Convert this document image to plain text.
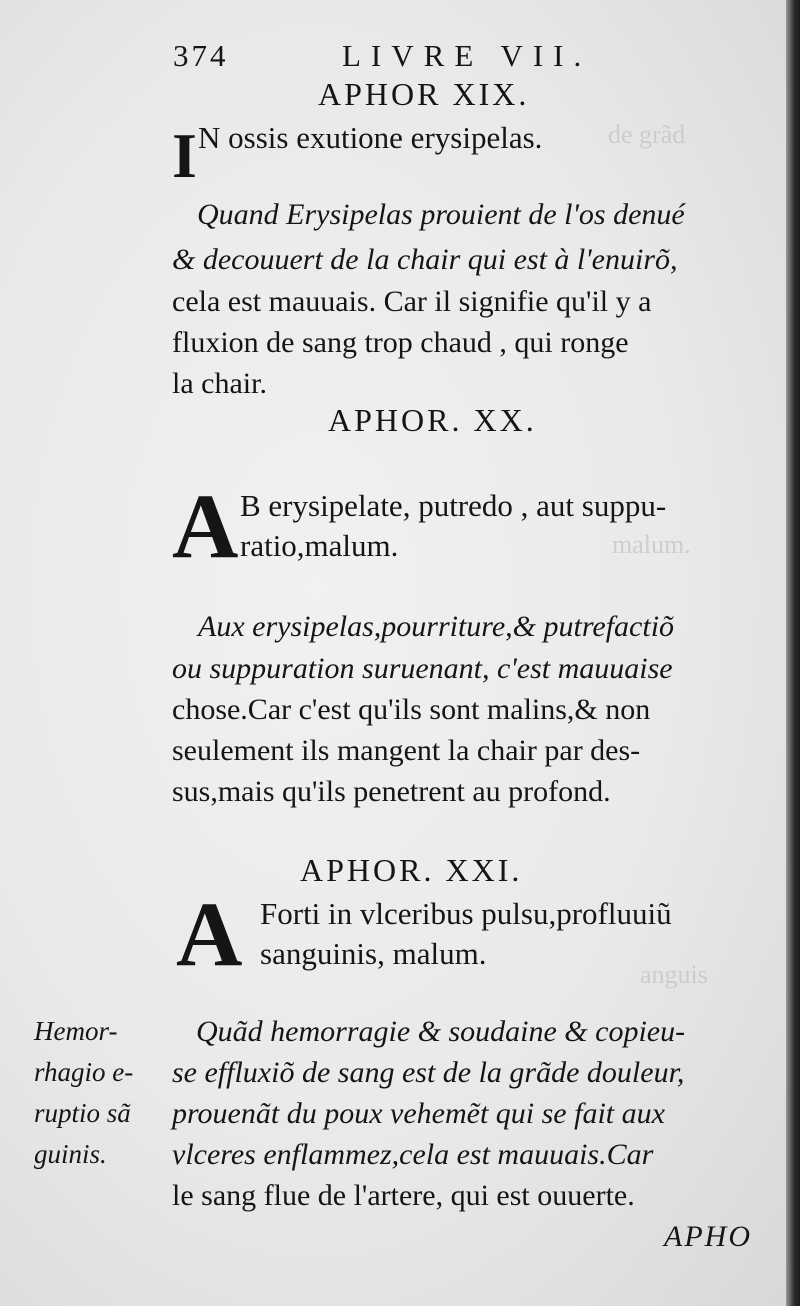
de grãd
malum.
anguis
374	LIVRE VII.
APHOR XIX.
I N ossis exutione erysipelas.
Quand Erysipelas prouient de l'os denué
& decouuert de la chair qui est à l'enuirõ,
cela est mauuais. Car il signifie qu'il y a
fluxion de sang trop chaud , qui ronge
la chair.
APHOR. XX.
A B erysipelate, putredo , aut suppu-
ratio,malum.
Aux erysipelas,pourriture,& putrefactiõ
ou suppuration suruenant, c'est mauuaise
chose.Car c'est qu'ils sont malins,& non
seulement ils mangent la chair par des-
sus,mais qu'ils penetrent au profond.
APHOR. XXI.
A Forti in vlceribus pulsu,profluuiũ
sanguinis, malum.
Hemor-
rhagio e-
ruptio sã
guinis.
Quãd hemorragie & soudaine & copieu-
se effluxiõ de sang est de la grãde douleur,
prouenãt du poux vehemẽt qui se fait aux
vlceres enflammez,cela est mauuais.Car
le sang flue de l'artere, qui est ouuerte.
APHO
